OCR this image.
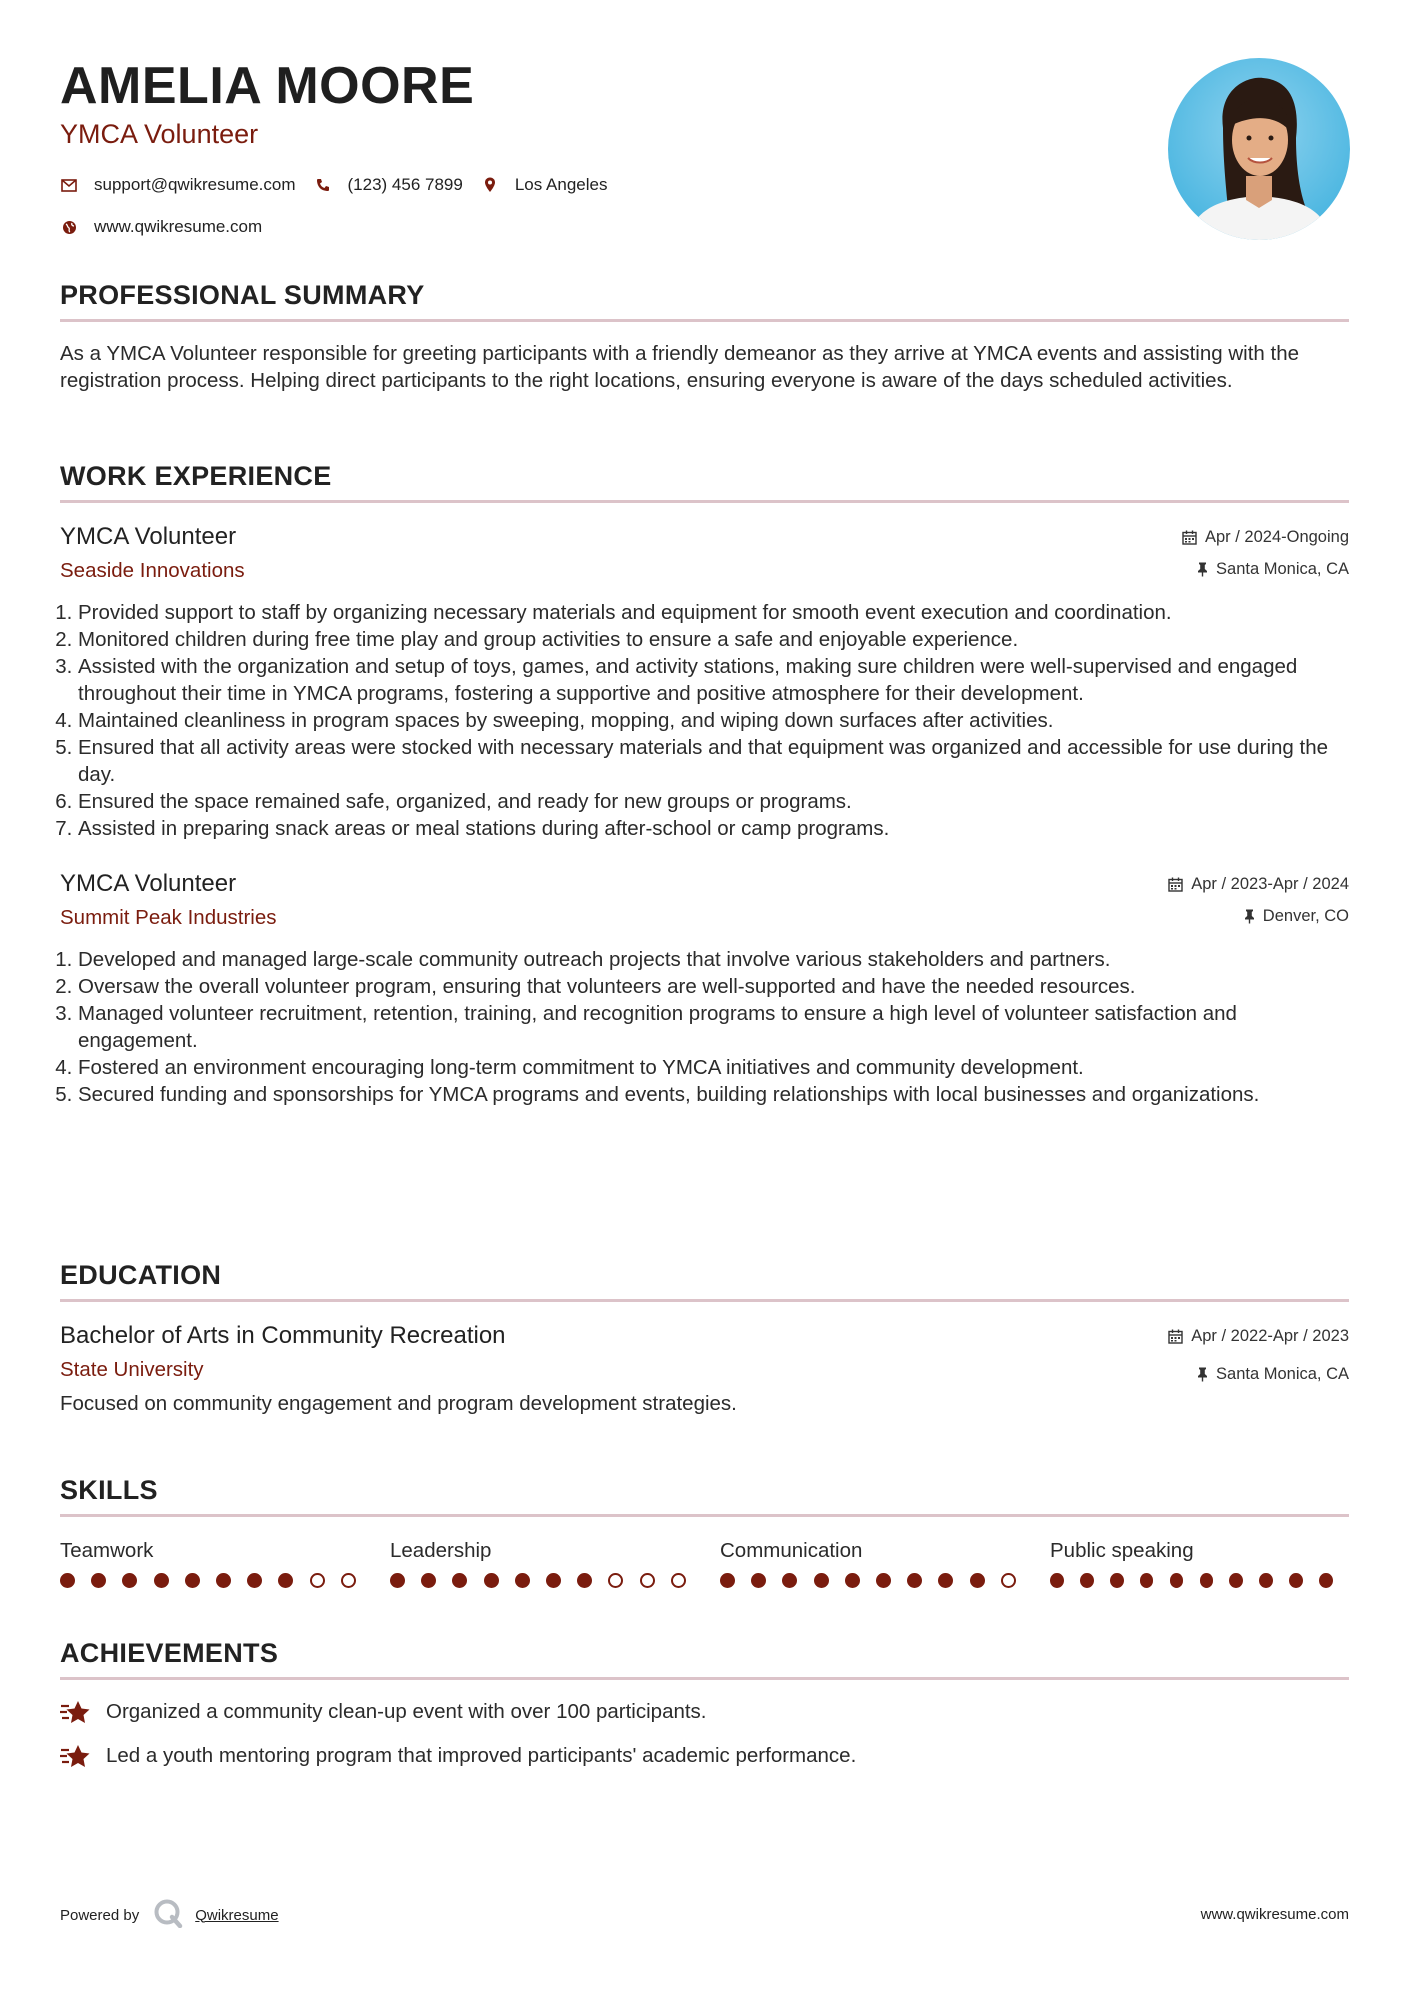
AMELIA MOORE
YMCA Volunteer
support@qwikresume.com	(123) 456 7899	Los Angeles
www.qwikresume.com
PROFESSIONAL SUMMARY

As a YMCA Volunteer responsible for greeting participants with a friendly demeanor as they arrive at YMCA events and assisting with the registration process. Helping direct participants to the right locations, ensuring everyone is aware of the days scheduled activities.

WORK EXPERIENCE
YMCA Volunteer
Seaside Innovations
Apr / 2024-Ongoing
Santa Monica, CA
1. Provided support to staff by organizing necessary materials and equipment for smooth event execution and coordination.
2. Monitored children during free time play and group activities to ensure a safe and enjoyable experience.
3. Assisted with the organization and setup of toys, games, and activity stations, making sure children were well-supervised and engaged throughout their time in YMCA programs, fostering a supportive and positive atmosphere for their development.
4. Maintained cleanliness in program spaces by sweeping, mopping, and wiping down surfaces after activities.
5. Ensured that all activity areas were stocked with necessary materials and that equipment was organized and accessible for use during the day.
6. Ensured the space remained safe, organized, and ready for new groups or programs.
7. Assisted in preparing snack areas or meal stations during after-school or camp programs.
YMCA Volunteer
Summit Peak Industries
Apr / 2023-Apr / 2024
Denver, CO
1. Developed and managed large-scale community outreach projects that involve various stakeholders and partners.
2. Oversaw the overall volunteer program, ensuring that volunteers are well-supported and have the needed resources.
3. Managed volunteer recruitment, retention, training, and recognition programs to ensure a high level of volunteer satisfaction and engagement.
4. Fostered an environment encouraging long-term commitment to YMCA initiatives and community development.
5. Secured funding and sponsorships for YMCA programs and events, building relationships with local businesses and organizations.
EDUCATION
Bachelor of Arts in Community Recreation
State University
Apr / 2022-Apr / 2023
Santa Monica, CA

Focused on community engagement and program development strategies.

SKILLS
Teamwork	Leadership	Communication	Public speaking
ACHIEVEMENTS
Organized a community clean-up event with over 100 participants.
Led a youth mentoring program that improved participants' academic performance.
Powered by	Qwikresume	www.qwikresume.com
